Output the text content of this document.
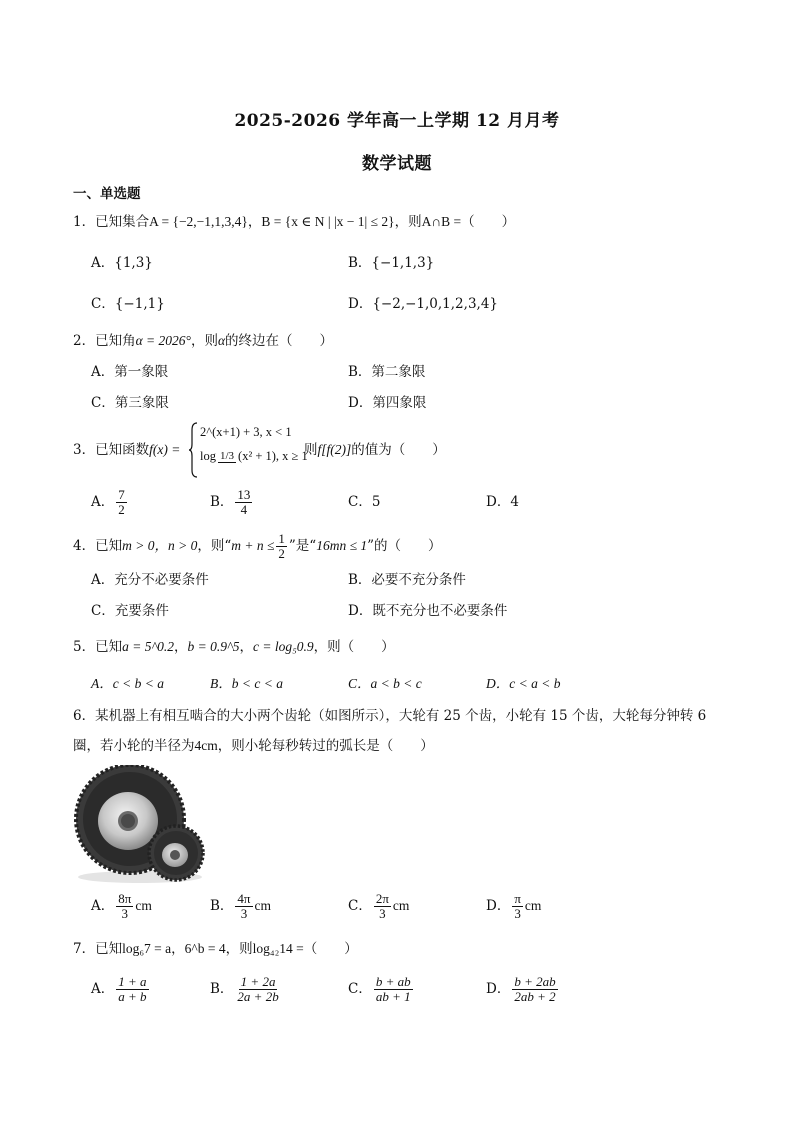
2025-2026 学年高一上学期 12 月月考
数学试题
一、单选题
1．已知集合A = {−2,−1,1,3,4}，B = {x ∈ N | |x − 1| ≤ 2}，则A∩B =（　　）
A．{1,3}	B．{−1,1,3}
C．{−1,1}	D．{−2,−1,0,1,2,3,4}
2．已知角α = 2026°，则α的终边在（　　）
A．第一象限	B．第二象限
C．第三象限	D．第四象限
3．已知函数f(x) =
2^(x+1) + 3, x < 1
log 1/3 (x² + 1), x ≥ 1
则f[f(2)]的值为（　　）
A． $\frac{7}{2}$	B． $\frac{13}{4}$	C．5	D．4
4．已知m > 0，n > 0，则“$m + n \le \frac{1}{2}$ ”是“16mn ≤ 1”的（　　）
A．充分不必要条件	B．必要不充分条件
C．充要条件	D．既不充分也不必要条件
5．已知a = 5^0.2，b = 0.9^5，c = log₅0.9，则（　　）
A．c < b < a	B．b < c < a	C．a < b < c	D．c < a < b
6．某机器上有相互啮合的大小两个齿轮（如图所示），大轮有 25 个齿，小轮有 15 个齿，大轮每分钟转 6
圈，若小轮的半径为4cm，则小轮每秒转过的弧长是（　　）
A． $\frac{8\pi}{3}$ cm	B． $\frac{4\pi}{3}$ cm	C． $\frac{2\pi}{3}$ cm	D． $\frac{\pi}{3}$ cm
7．已知log₆7 = a，6^b = 4，则log₄₂14 =（　　）
A． $\frac{1 + a}{a + b}$	B． $\frac{1 + 2a}{2a + 2b}$	C． $\frac{b + ab}{ab + 1}$	D． $\frac{b + 2ab}{2ab + 2}$
